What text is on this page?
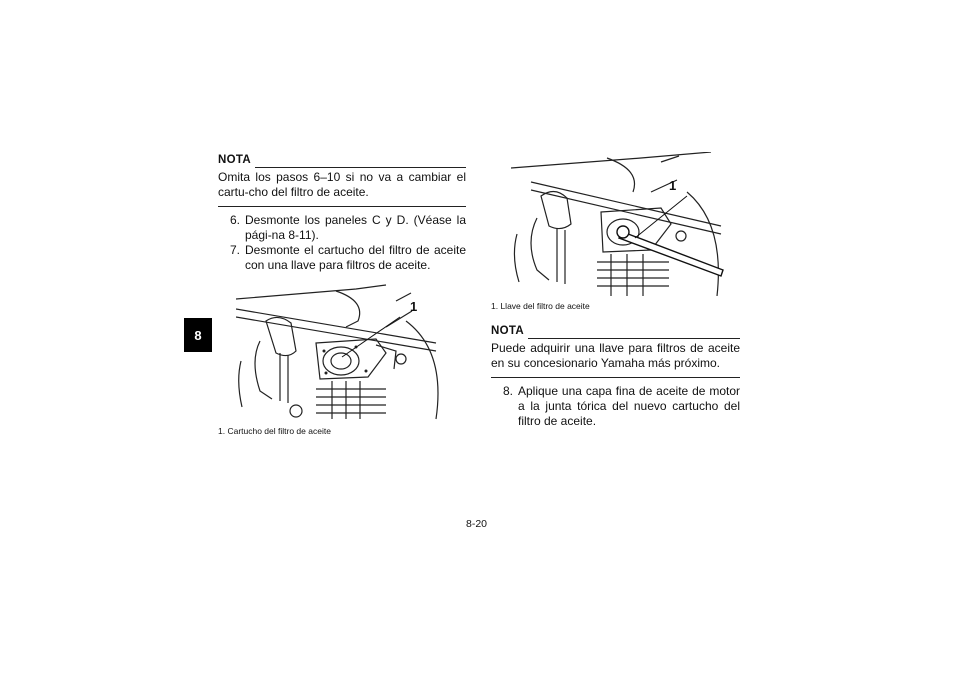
8
NOTA
Omita los pasos 6–10 si no va a cambiar el cartu-cho del filtro de aceite.
6. Desmonte los paneles C y D. (Véase la pági-na 8-11).
7. Desmonte el cartucho del filtro de aceite con una llave para filtros de aceite.
1
1. Cartucho del filtro de aceite
1
1. Llave del filtro de aceite
NOTA
Puede adquirir una llave para filtros de aceite en su concesionario Yamaha más próximo.
8. Aplique una capa fina de aceite de motor a la junta tórica del nuevo cartucho del filtro de aceite.
8-20
